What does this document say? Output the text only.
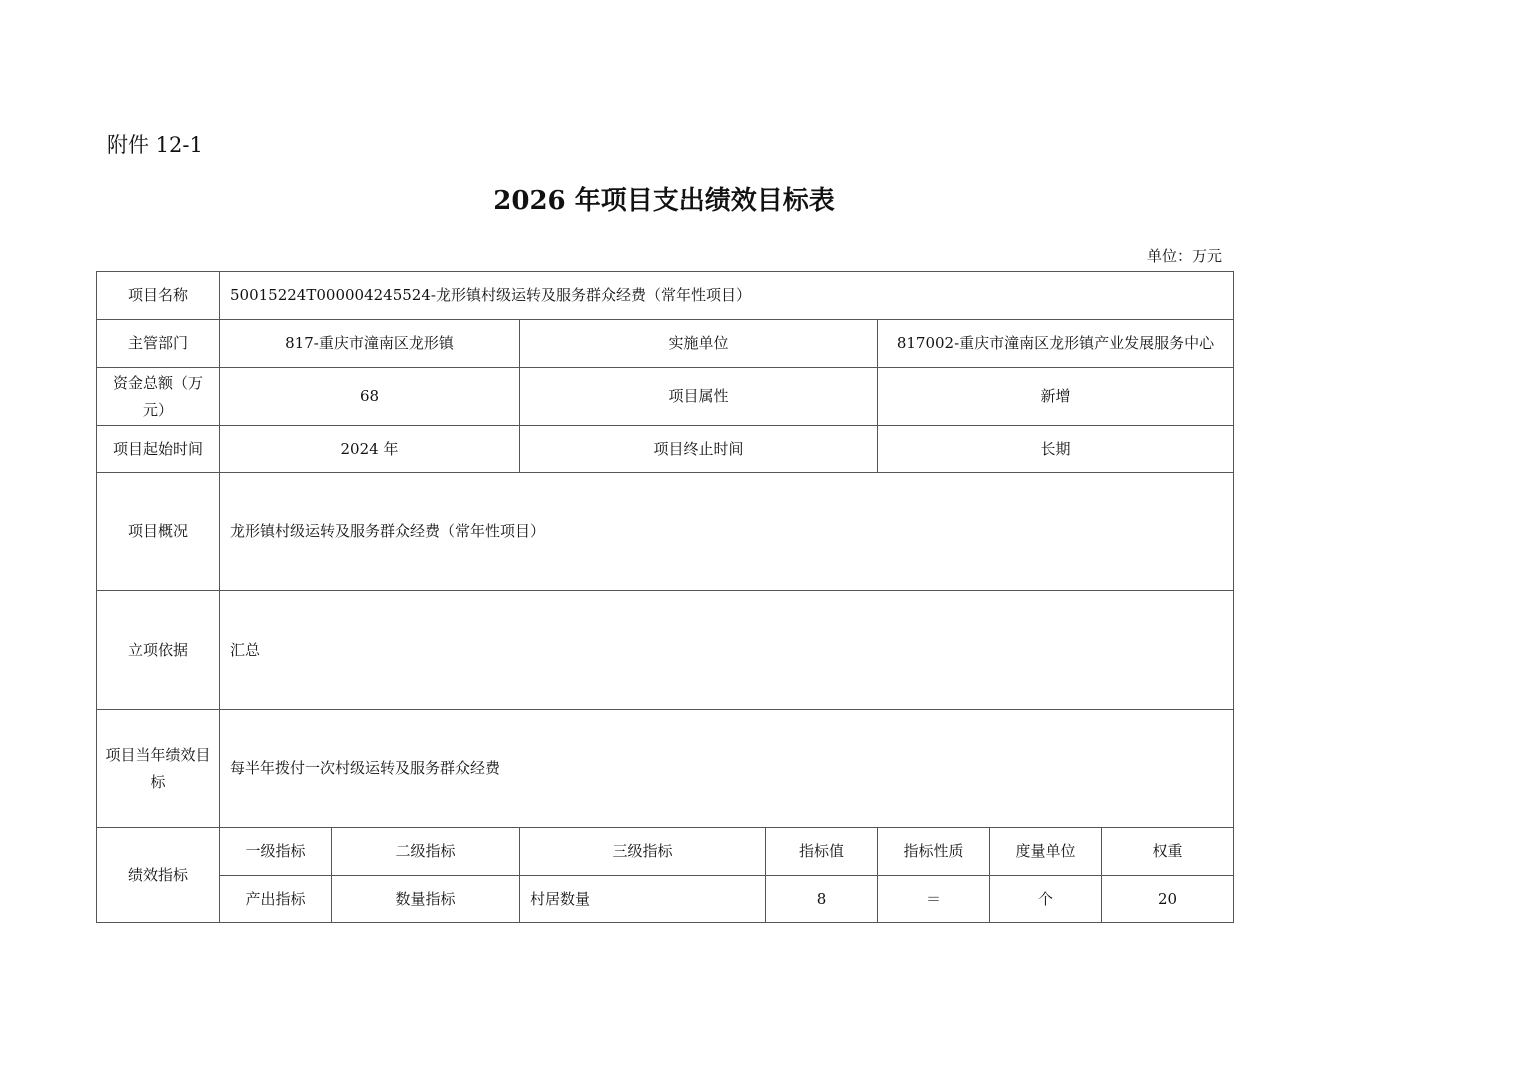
附件 12-1
2026 年项目支出绩效目标表
单位：万元
项目名称	50015224T000004245524-龙形镇村级运转及服务群众经费（常年性项目）						
主管部门	817-重庆市潼南区龙形镇		实施单位		817002-重庆市潼南区龙形镇产业发展服务中心		
资金总额（万元）	68		项目属性		新增		
项目起始时间	2024 年		项目终止时间		长期		
项目概况	龙形镇村级运转及服务群众经费（常年性项目）						
立项依据	汇总						
项目当年绩效目标	每半年拨付一次村级运转及服务群众经费						
绩效指标	一级指标	二级指标	三级指标	指标值	指标性质	度量单位	权重
	产出指标	数量指标	村居数量	8	＝	个	20
